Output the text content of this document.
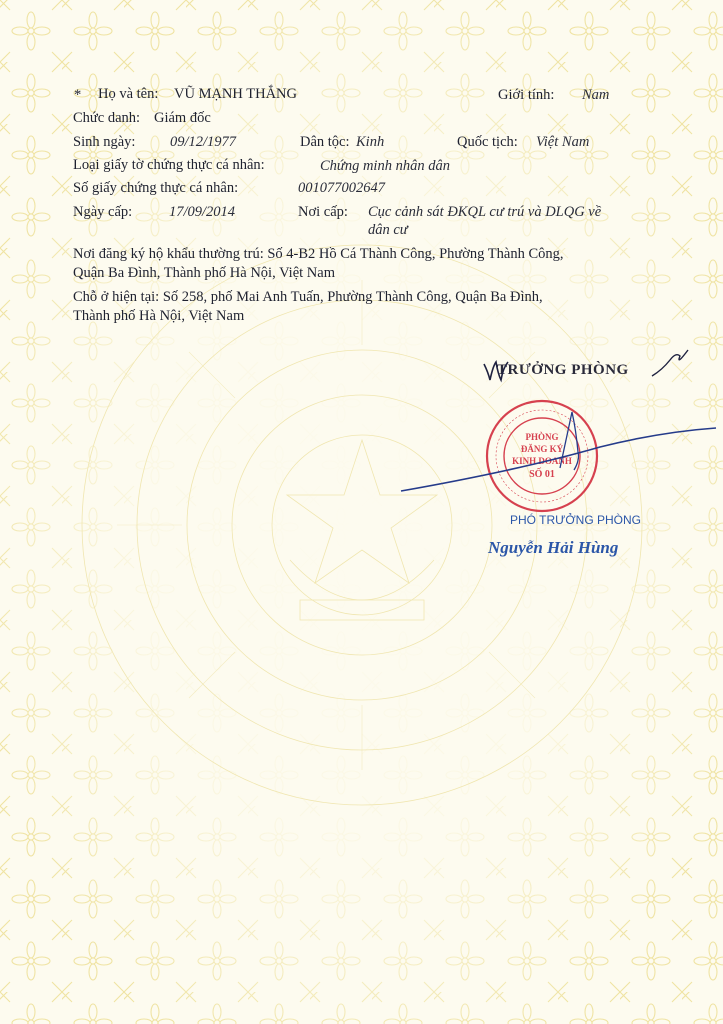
* Họ và tên: VŨ MẠNH THẮNG	Giới tính: Nam
Chức danh: Giám đốc
Sinh ngày: 09/12/1977	Dân tộc: Kinh	Quốc tịch: Việt Nam
Loại giấy tờ chứng thực cá nhân:	Chứng minh nhân dân
Số giấy chứng thực cá nhân:	001077002647
Ngày cấp:	17/09/2014	Nơi cấp: Cục cảnh sát ĐKQL cư trú và DLQG về
dân cư
Nơi đăng ký hộ khẩu thường trú: Số 4-B2 Hồ Cá Thành Công, Phường Thành Công,
Quận Ba Đình, Thành phố Hà Nội, Việt Nam
Chỗ ở hiện tại: Số 258, phố Mai Anh Tuấn, Phường Thành Công, Quận Ba Đình,
Thành phố Hà Nội, Việt Nam
TRƯỞNG PHÒNG
PHÒNG
ĐĂNG KÝ
KINH DOANH
SỐ 01
PHÓ TRƯỞNG PHÒNG
Nguyễn Hải Hùng
